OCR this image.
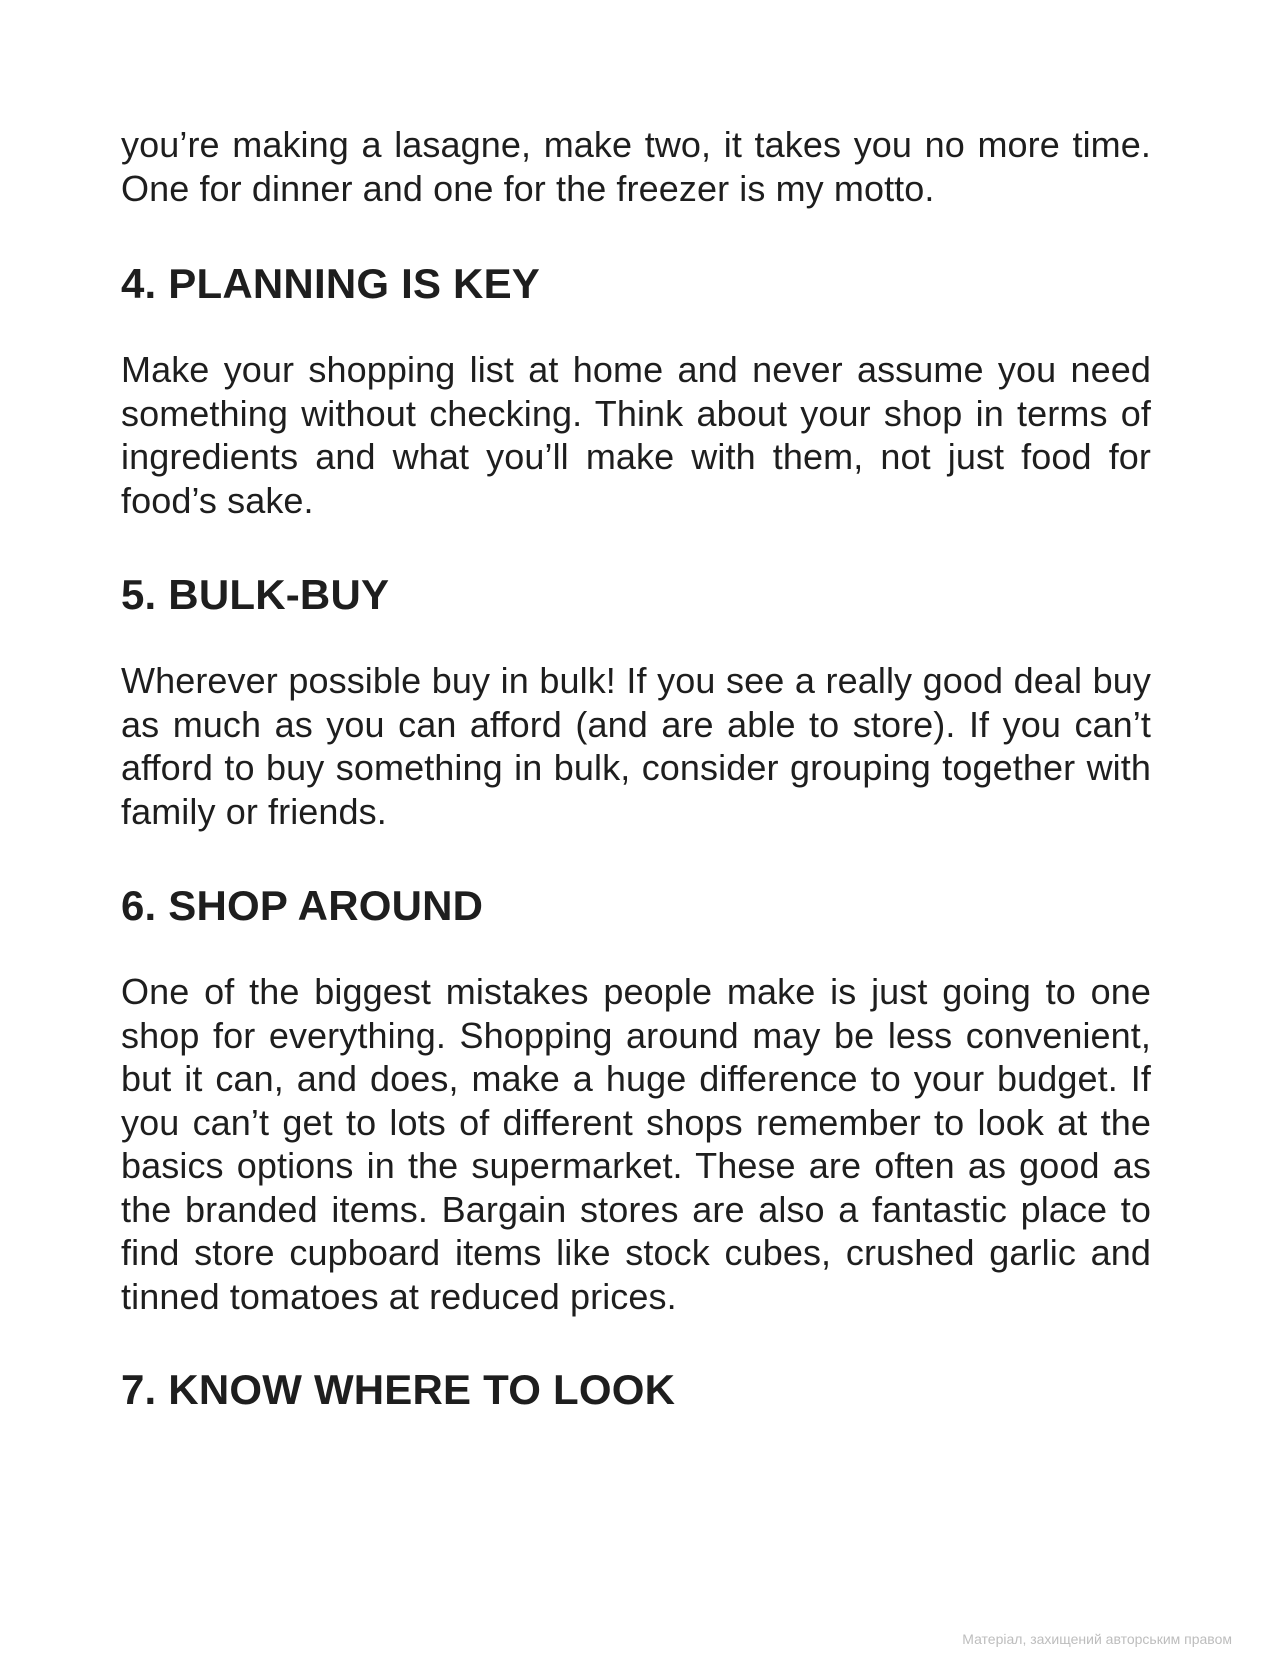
you’re making a lasagne, make two, it takes you no more time. One for dinner and one for the freezer is my motto.

4. PLANNING IS KEY

Make your shopping list at home and never assume you need something without checking. Think about your shop in terms of ingredients and what you’ll make with them, not just food for food’s sake.

5. BULK-BUY

Wherever possible buy in bulk! If you see a really good deal buy as much as you can afford (and are able to store). If you can’t afford to buy something in bulk, consider grouping together with family or friends.

6. SHOP AROUND

One of the biggest mistakes people make is just going to one shop for everything. Shopping around may be less convenient, but it can, and does, make a huge difference to your budget. If you can’t get to lots of different shops remember to look at the basics options in the supermarket. These are often as good as the branded items. Bargain stores are also a fantastic place to find store cupboard items like stock cubes, crushed garlic and tinned tomatoes at reduced prices.

7. KNOW WHERE TO LOOK
Матеріал, захищений авторським правом
